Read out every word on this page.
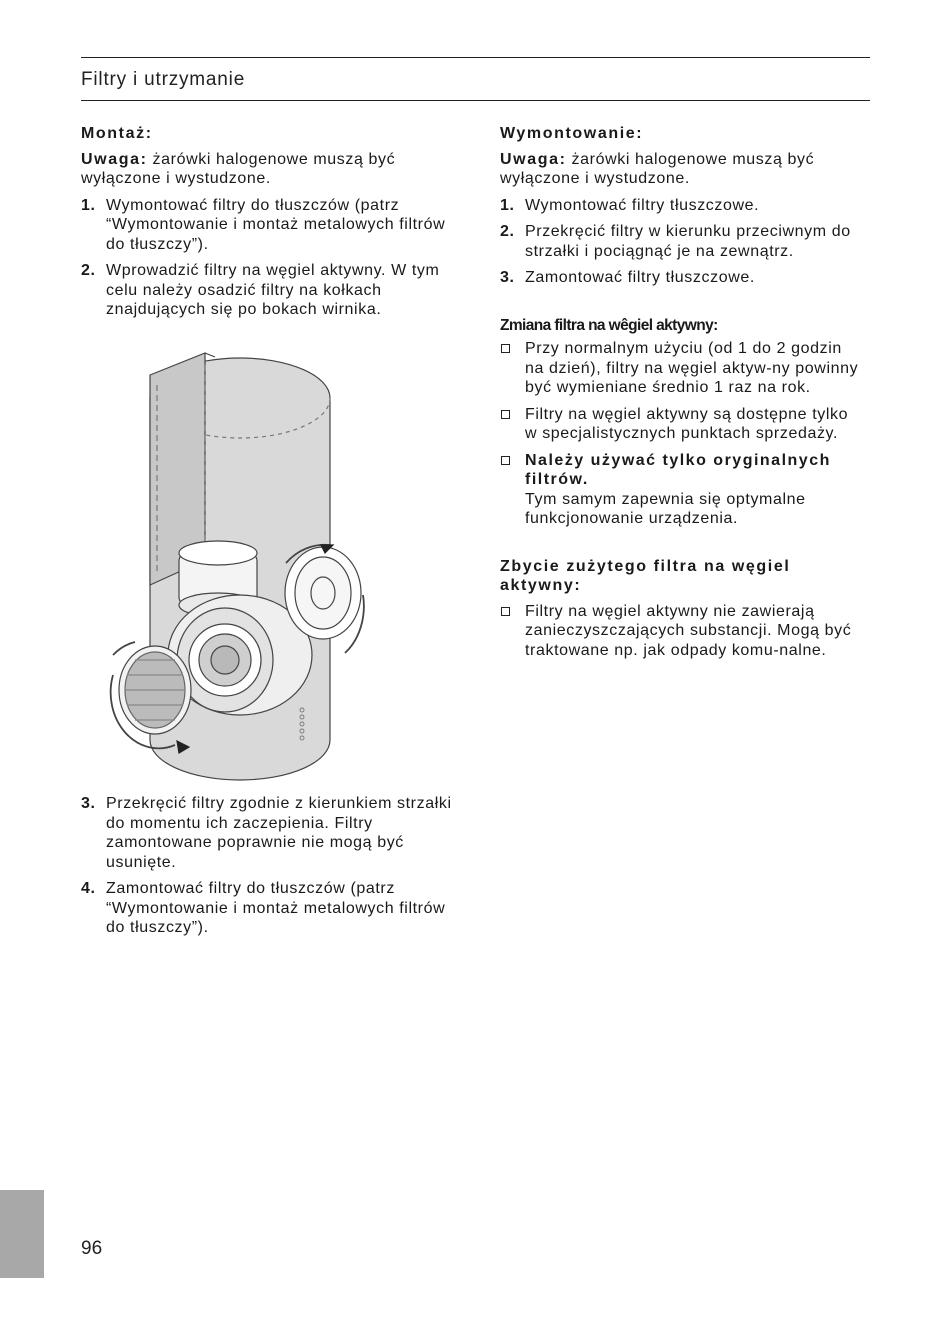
Filtry i utrzymanie

Montaż:

Uwaga: żarówki halogenowe muszą być wyłączone i wystudzone.

1. Wymontować filtry do tłuszczów (patrz “Wymontowanie i montaż metalowych filtrów do tłuszczy”).
2. Wprowadzić filtry na węgiel aktywny. W tym celu należy osadzić filtry na kołkach znajdujących się po bokach wirnika.
3. Przekręcić filtry zgodnie z kierunkiem strzałki do momentu ich zaczepienia. Filtry zamontowane poprawnie nie mogą być usunięte.
4. Zamontować filtry do tłuszczów (patrz “Wymontowanie i montaż metalowych filtrów do tłuszczy”).

Wymontowanie:

Uwaga: żarówki halogenowe muszą być wyłączone i wystudzone.

1. Wymontować filtry tłuszczowe.
2. Przekręcić filtry w kierunku przeciwnym do strzałki i pociągnąć je na zewnątrz.
3. Zamontować filtry tłuszczowe.

Zmiana filtra na wêgiel aktywny:

Przy normalnym użyciu (od 1 do 2 godzin na dzień), filtry na węgiel aktyw-ny powinny być wymieniane średnio 1 raz na rok.
Filtry na węgiel aktywny są dostępne tylko w specjalistycznych punktach sprzedaży.
Należy używać tylko oryginalnych filtrów.
Tym samym zapewnia się optymalne funkcjonowanie urządzenia.

Zbycie zużytego filtra na węgiel aktywny:

Filtry na węgiel aktywny nie zawierają zanieczyszczających substancji. Mogą być traktowane np. jak odpady komu-nalne.
96
